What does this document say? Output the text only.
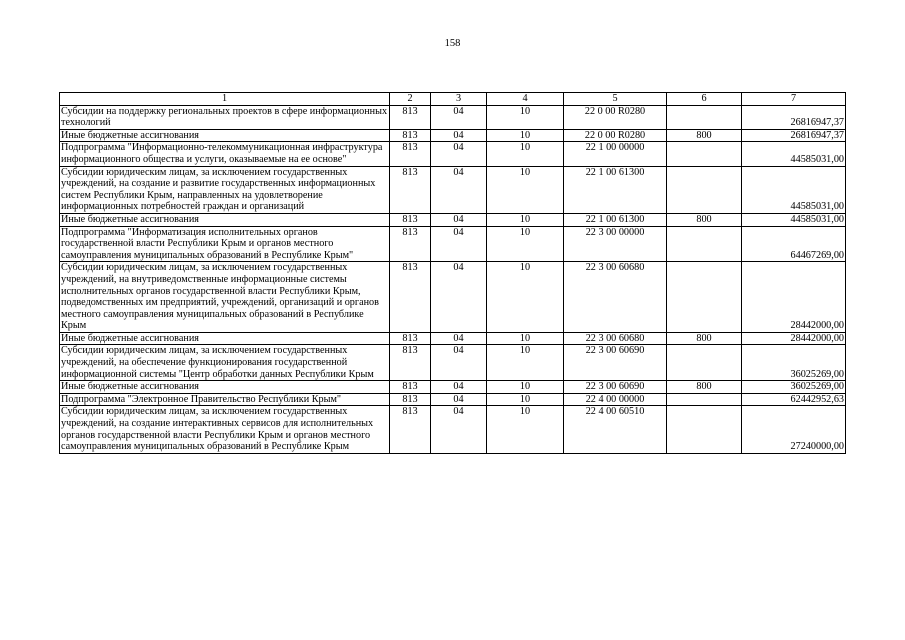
158
1	2	3	4	5	6	7
Субсидии на поддержку региональных проектов в сфере информационных технологий	813	04	10	22 0 00 R0280		26816947,37
Иные бюджетные ассигнования	813	04	10	22 0 00 R0280	800	26816947,37
Подпрограмма "Информационно-телекоммуникационная инфраструктура информационного общества и услуги, оказываемые на ее основе"	813	04	10	22 1 00 00000		44585031,00
Субсидии юридическим лицам, за исключением государственных учреждений, на создание и развитие государственных информационных систем Республики Крым, направленных на удовлетворение информационных потребностей граждан и организаций	813	04	10	22 1 00 61300		44585031,00
Иные бюджетные ассигнования	813	04	10	22 1 00 61300	800	44585031,00
Подпрограмма "Информатизация исполнительных органов государственной власти Республики Крым и органов местного самоуправления муниципальных образований в Республике Крым"	813	04	10	22 3 00 00000		64467269,00
Субсидии юридическим лицам, за исключением государственных учреждений, на внутриведомственные информационные системы исполнительных органов государственной власти Республики Крым, подведомственных им предприятий, учреждений, организаций и органов местного самоуправления муниципальных образований в Республике Крым	813	04	10	22 3 00 60680		28442000,00
Иные бюджетные ассигнования	813	04	10	22 3 00 60680	800	28442000,00
Субсидии юридическим лицам, за исключением государственных учреждений, на обеспечение функционирования государственной информационной системы "Центр обработки данных Республики Крым	813	04	10	22 3 00 60690		36025269,00
Иные бюджетные ассигнования	813	04	10	22 3 00 60690	800	36025269,00
Подпрограмма "Электронное Правительство Республики Крым"	813	04	10	22 4 00 00000		62442952,63
Субсидии юридическим лицам, за исключением государственных учреждений, на создание интерактивных сервисов для исполнительных органов государственной власти Республики Крым и органов местного самоуправления муниципальных образований в Республике Крым	813	04	10	22 4 00 60510		27240000,00
